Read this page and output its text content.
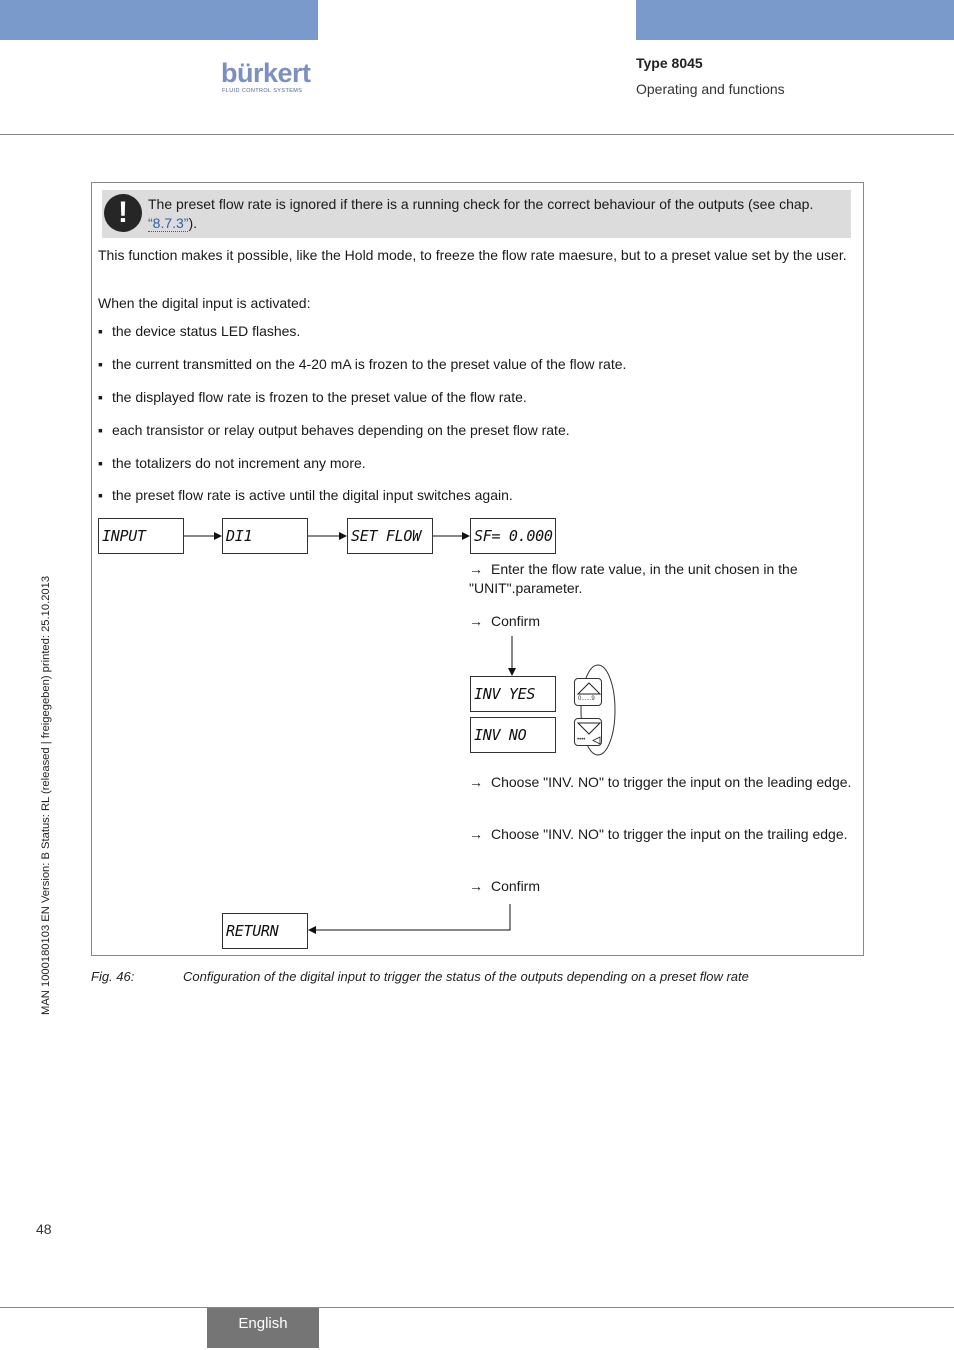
bürkert
FLUID CONTROL SYSTEMS
Type 8045
Operating and functions
MAN 1000180103 EN Version: B Status: RL (released | freigegeben) printed: 25.10.2013
!	The preset flow rate is ignored if there is a running check for the correct behaviour of the outputs (see chap. “8.7.3”).
This function makes it possible, like the Hold mode, to freeze the flow rate maesure, but to a preset value set by the user.
When the digital input is activated:
▪ the device status LED flashes.
▪ the current transmitted on the 4-20 mA is frozen to the preset value of the flow rate.
▪ the displayed flow rate is frozen to the preset value of the flow rate.
▪ each transistor or relay output behaves depending on the preset flow rate.
▪ the totalizers do not increment any more.
▪ the preset flow rate is active until the digital input switches again.
INPUT	DI1	SET FLOW	SF= 0.000
INV YES
INV NO
RETURN
0......9
••••
→ Enter the flow rate value, in the unit chosen in the "UNIT".parameter.
→ Confirm
→ Choose "INV. NO" to trigger the input on the leading edge.
→ Choose "INV. NO" to trigger the input on the trailing edge.
→ Confirm
Fig. 46:	Configuration of the digital input to trigger the status of the outputs depending on a preset flow rate
48
English
